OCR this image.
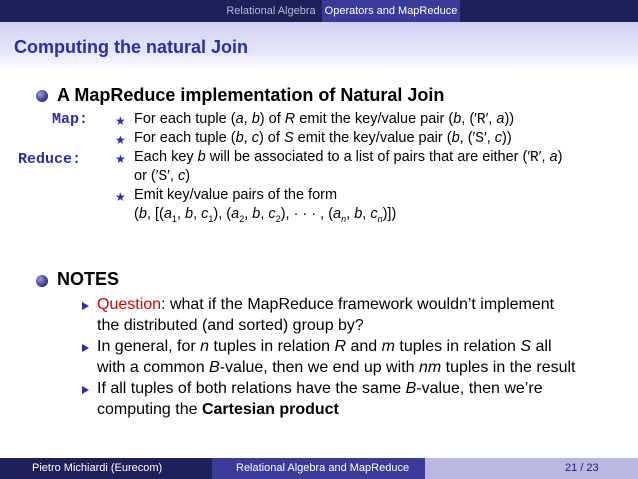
Relational Algebra Operators and MapReduce
Computing the natural Join
A MapReduce implementation of Natural Join
Map:
Reduce:
★ For each tuple (a, b) of R emit the key/value pair (b, (′R′, a))
★ For each tuple (b, c) of S emit the key/value pair (b, (′S′, c))
★ Each key b will be associated to a list of pairs that are either (′R′, a)
or (′S′, c)
★ Emit key/value pairs of the form
(b, [($a_1$, b, $c_1$), ($a_2$, b, $c_2$), · · · , ($a_n$, b, $c_n$)])
NOTES
Question: what if the MapReduce framework wouldn’t implement
the distributed (and sorted) group by?
In general, for n tuples in relation R and m tuples in relation S all
with a common B-value, then we end up with nm tuples in the result
If all tuples of both relations have the same B-value, then we’re
computing the Cartesian product
Pietro Michiardi (Eurecom)	Relational Algebra and MapReduce	21 / 23
